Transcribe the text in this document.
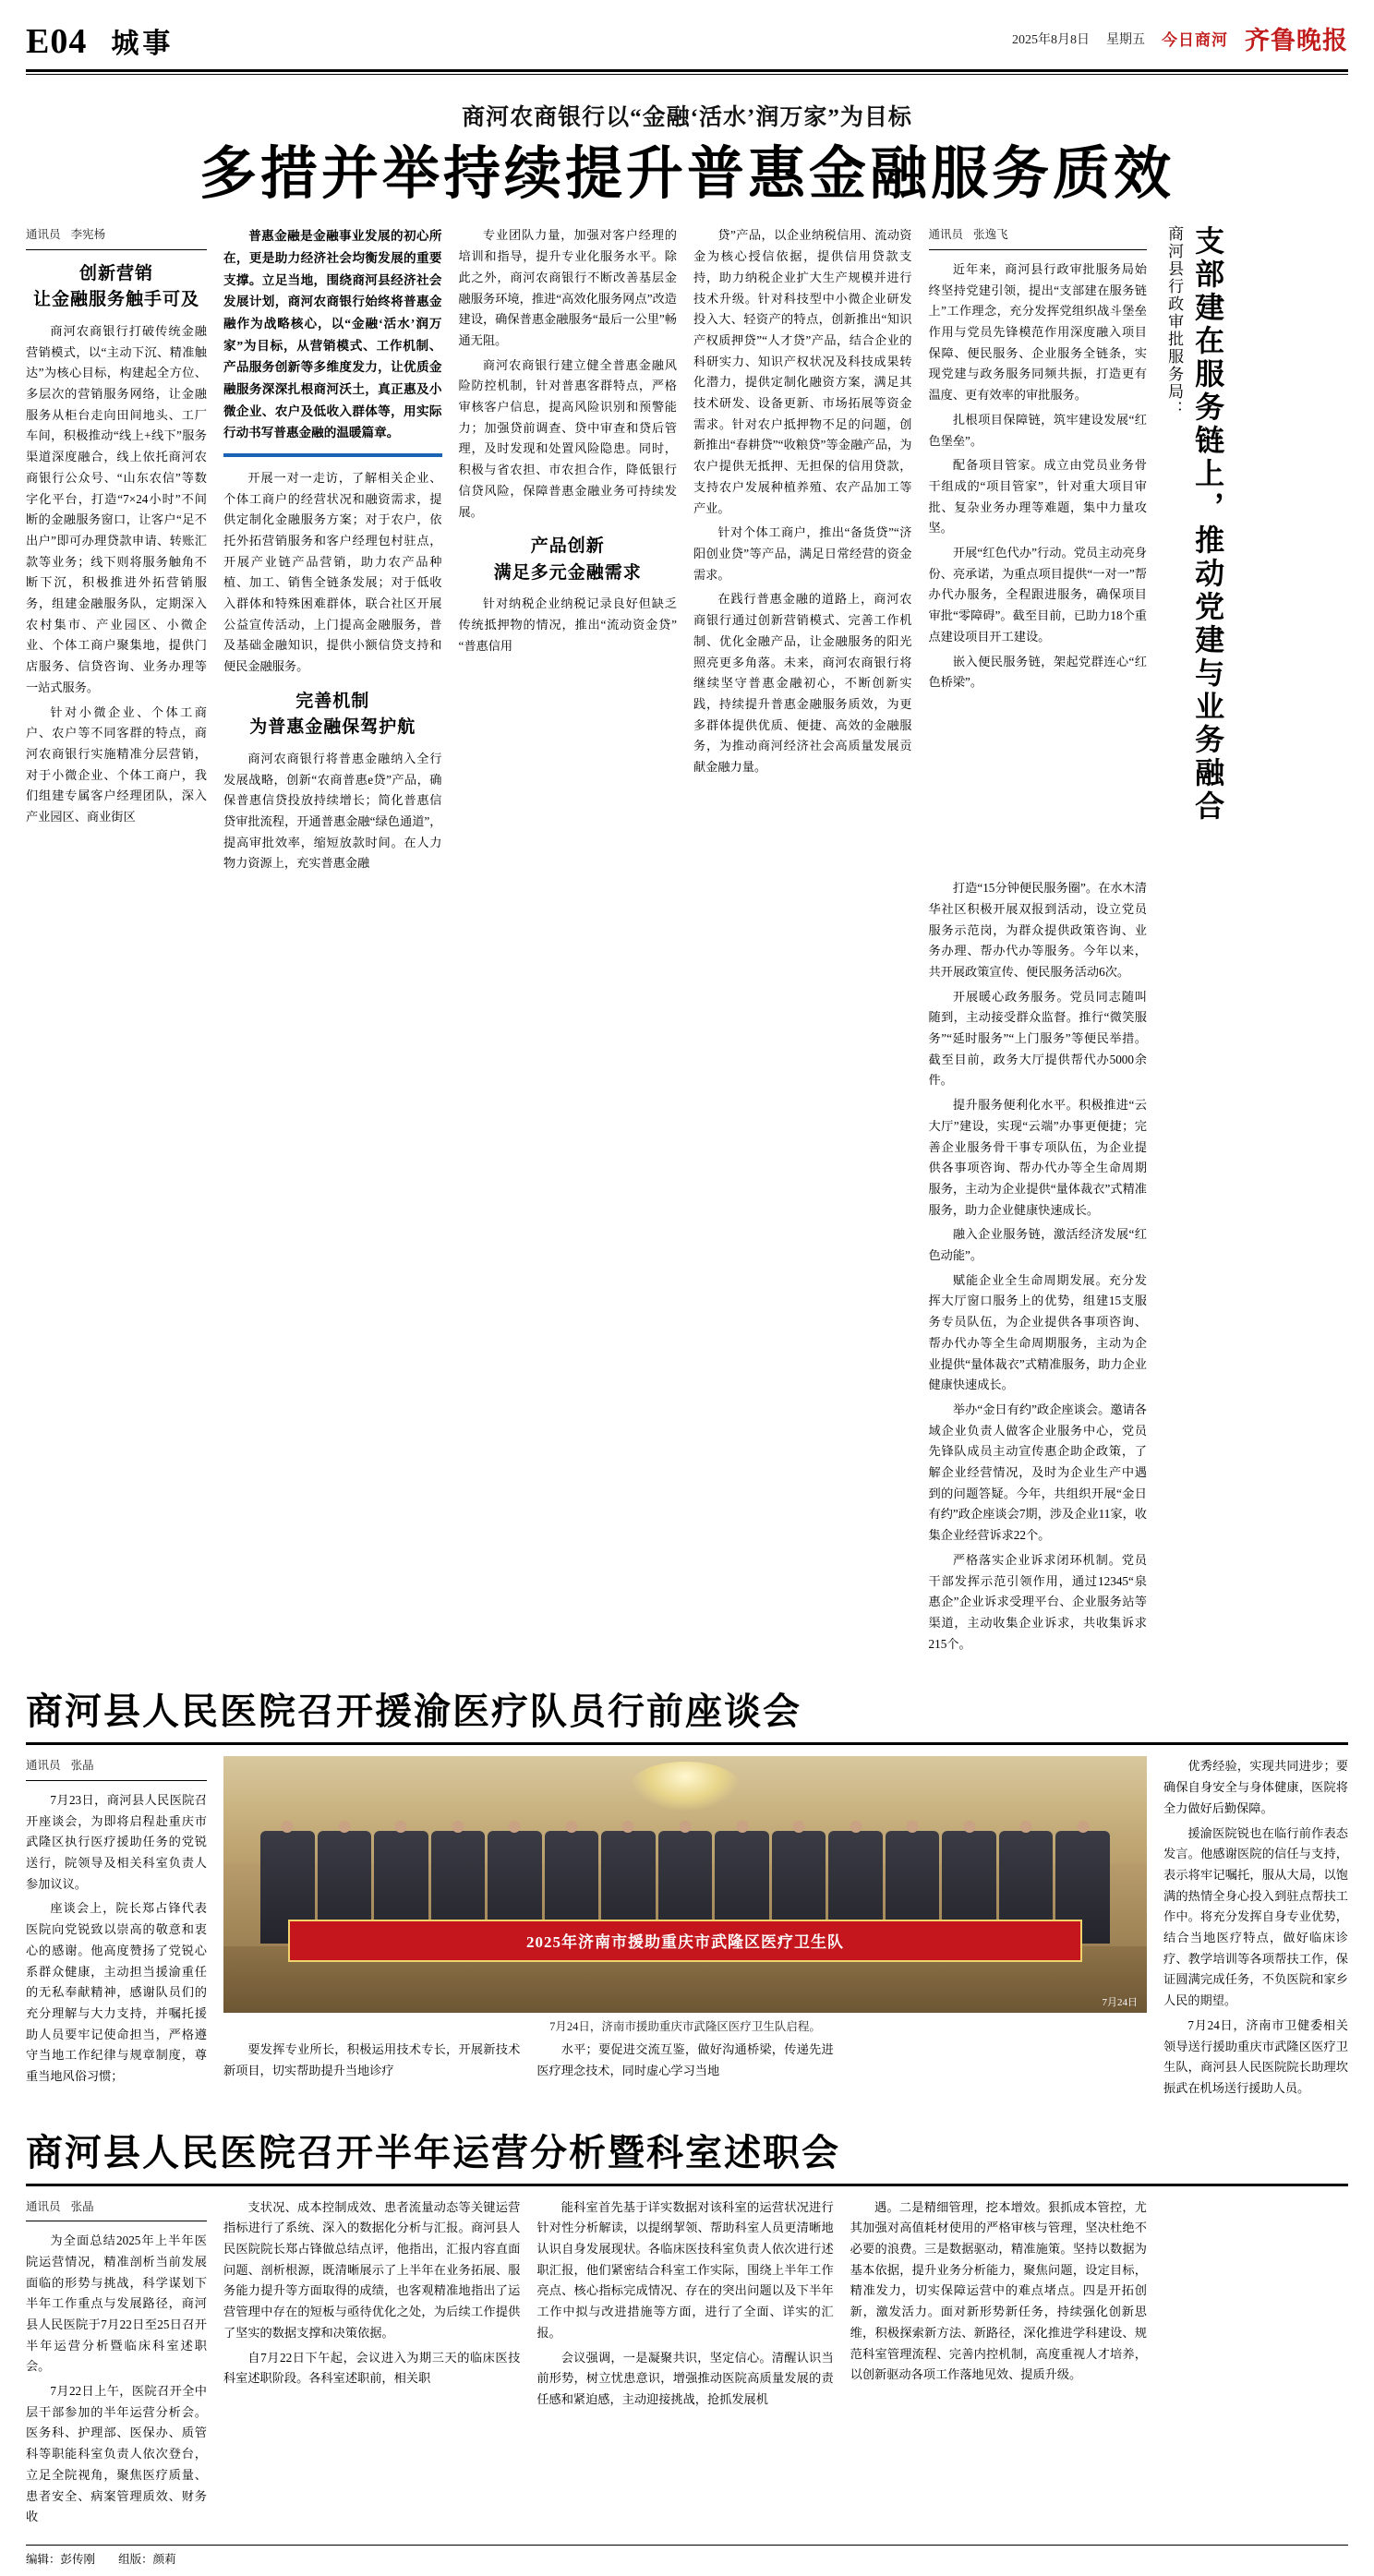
E04 城事	2025年8月8日 星期五 今日商河 齐鲁晚报
商河农商银行以“金融‘活水’润万家”为目标
多措并举持续提升普惠金融服务质效
通讯员 李宪杨
创新营销
让金融服务触手可及

商河农商银行打破传统金融营销模式，以“主动下沉、精准触达”为核心目标，构建起全方位、多层次的营销服务网络，让金融服务从柜台走向田间地头、工厂车间，积极推动“线上+线下”服务渠道深度融合，线上依托商河农商银行公众号、“山东农信”等数字化平台，打造“7×24小时”不间断的金融服务窗口，让客户“足不出户”即可办理贷款申请、转账汇款等业务；线下则将服务触角不断下沉，积极推进外拓营销服务，组建金融服务队，定期深入农村集市、产业园区、小微企业、个体工商户聚集地，提供门店服务、信贷咨询、业务办理等一站式服务。

针对小微企业、个体工商户、农户等不同客群的特点，商河农商银行实施精准分层营销，对于小微企业、个体工商户，我们组建专属客户经理团队，深入产业园区、商业街区

普惠金融是金融事业发展的初心所在，更是助力经济社会均衡发展的重要支撑。立足当地，围绕商河县经济社会发展计划，商河农商银行始终将普惠金融作为战略核心，以“金融‘活水’润万家”为目标，从营销模式、工作机制、产品服务创新等多维度发力，让优质金融服务深深扎根商河沃土，真正惠及小微企业、农户及低收入群体等，用实际行动书写普惠金融的温暖篇章。

开展一对一走访，了解相关企业、个体工商户的经营状况和融资需求，提供定制化金融服务方案；对于农户，依托外拓营销服务和客户经理包村驻点，开展产业链产品营销，助力农产品种植、加工、销售全链条发展；对于低收入群体和特殊困难群体，联合社区开展公益宣传活动，上门提高金融服务，普及基础金融知识，提供小额信贷支持和便民金融服务。

完善机制
为普惠金融保驾护航

商河农商银行将普惠金融纳入全行发展战略，创新“农商普惠e贷”产品，确保普惠信贷投放持续增长；简化普惠信贷审批流程，开通普惠金融“绿色通道”，提高审批效率，缩短放款时间。在人力物力资源上，充实普惠金融

专业团队力量，加强对客户经理的培训和指导，提升专业化服务水平。除此之外，商河农商银行不断改善基层金融服务环境，推进“高效化服务网点”改造建设，确保普惠金融服务“最后一公里”畅通无阻。

商河农商银行建立健全普惠金融风险防控机制，针对普惠客群特点，严格审核客户信息，提高风险识别和预警能力；加强贷前调查、贷中审查和贷后管理，及时发现和处置风险隐患。同时，积极与省农担、市农担合作，降低银行信贷风险，保障普惠金融业务可持续发展。

产品创新
满足多元金融需求

针对纳税企业纳税记录良好但缺乏传统抵押物的情况，推出“流动资金贷”“普惠信用

贷”产品，以企业纳税信用、流动资金为核心授信依据，提供信用贷款支持，助力纳税企业扩大生产规模并进行技术升级。针对科技型中小微企业研发投入大、轻资产的特点，创新推出“知识产权质押贷”“人才贷”产品，结合企业的科研实力、知识产权状况及科技成果转化潜力，提供定制化融资方案，满足其技术研发、设备更新、市场拓展等资金需求。针对农户抵押物不足的问题，创新推出“春耕贷”“收粮贷”等金融产品，为农户提供无抵押、无担保的信用贷款，支持农户发展种植养殖、农产品加工等产业。

针对个体工商户，推出“备货贷”“济阳创业贷”等产品，满足日常经营的资金需求。

在践行普惠金融的道路上，商河农商银行通过创新营销模式、完善工作机制、优化金融产品，让金融服务的阳光照亮更多角落。未来，商河农商银行将继续坚守普惠金融初心，不断创新实践，持续提升普惠金融服务质效，为更多群体提供优质、便捷、高效的金融服务，为推动商河经济社会高质量发展贡献金融力量。

通讯员 张逸飞

近年来，商河县行政审批服务局始终坚持党建引领，提出“支部建在服务链上”工作理念，充分发挥党组织战斗堡垒作用与党员先锋模范作用深度融入项目保障、便民服务、企业服务全链条，实现党建与政务服务同频共振，打造更有温度、更有效率的审批服务。

扎根项目保障链，筑牢建设发展“红色堡垒”。

配备项目管家。成立由党员业务骨干组成的“项目管家”，针对重大项目审批、复杂业务办理等难题，集中力量攻坚。

开展“红色代办”行动。党员主动亮身份、亮承诺，为重点项目提供“一对一”帮办代办服务，全程跟进服务，确保项目审批“零障碍”。截至目前，已助力18个重点建设项目开工建设。

嵌入便民服务链，架起党群连心“红色桥梁”。	支部建在服务链上，推动党建与业务融合
商河县行政审批服务局：

打造“15分钟便民服务圈”。在水木清华社区积极开展双报到活动，设立党员服务示范岗，为群众提供政策咨询、业务办理、帮办代办等服务。今年以来，共开展政策宣传、便民服务活动6次。

开展暖心政务服务。党员同志随叫随到，主动接受群众监督。推行“微笑服务”“延时服务”“上门服务”等便民举措。截至目前，政务大厅提供帮代办5000余件。

提升服务便利化水平。积极推进“云大厅”建设，实现“云端”办事更便捷；完善企业服务骨干事专项队伍，为企业提供各事项咨询、帮办代办等全生命周期服务，主动为企业提供“量体裁衣”式精准服务，助力企业健康快速成长。

融入企业服务链，激活经济发展“红色动能”。

赋能企业全生命周期发展。充分发挥大厅窗口服务上的优势，组建15支服务专员队伍，为企业提供各事项咨询、帮办代办等全生命周期服务，主动为企业提供“量体裁衣”式精准服务，助力企业健康快速成长。

举办“金日有约”政企座谈会。邀请各域企业负责人做客企业服务中心，党员先锋队成员主动宣传惠企助企政策，了解企业经营情况，及时为企业生产中遇到的问题答疑。今年，共组织开展“金日有约”政企座谈会7期，涉及企业11家，收集企业经营诉求22个。

严格落实企业诉求闭环机制。党员干部发挥示范引领作用，通过12345“泉惠企”企业诉求受理平台、企业服务站等渠道，主动收集企业诉求，共收集诉求215个。

商河县人民医院召开援渝医疗队员行前座谈会
通讯员 张晶

7月23日，商河县人民医院召开座谈会，为即将启程赴重庆市武隆区执行医疗援助任务的党锐送行，院领导及相关科室负责人参加议议。

座谈会上，院长郑占锋代表医院向党锐致以崇高的敬意和衷心的感谢。他高度赞扬了党锐心系群众健康，主动担当援渝重任的无私奉献精神，感谢队员们的充分理解与大力支持，并嘱托援助人员要牢记使命担当，严格遵守当地工作纪律与规章制度，尊重当地风俗习惯；

2025年济南市援助重庆市武隆区医疗卫生队
7月24日
7月24日，济南市援助重庆市武隆区医疗卫生队启程。

要发挥专业所长，积极运用技术专长，开展新技术新项目，切实帮助提升当地诊疗

水平；要促进交流互鉴，做好沟通桥梁，传递先进医疗理念技术，同时虚心学习当地

优秀经验，实现共同进步；要确保自身安全与身体健康，医院将全力做好后勤保障。

援渝医院锐也在临行前作表态发言。他感谢医院的信任与支持，表示将牢记嘱托，服从大局，以饱满的热情全身心投入到驻点帮扶工作中。将充分发挥自身专业优势，结合当地医疗特点，做好临床诊疗、教学培训等各项帮扶工作，保证圆满完成任务，不负医院和家乡人民的期望。

7月24日，济南市卫健委相关领导送行援助重庆市武隆区医疗卫生队，商河县人民医院院长助理坎振武在机场送行援助人员。

商河县人民医院召开半年运营分析暨科室述职会
通讯员 张晶

为全面总结2025年上半年医院运营情况，精准剖析当前发展面临的形势与挑战，科学谋划下半年工作重点与发展路径，商河县人民医院于7月22日至25日召开半年运营分析暨临床科室述职会。

7月22日上午，医院召开全中层干部参加的半年运营分析会。医务科、护理部、医保办、质管科等职能科室负责人依次登台，立足全院视角，聚焦医疗质量、患者安全、病案管理质效、财务收

支状况、成本控制成效、患者流量动态等关键运营指标进行了系统、深入的数据化分析与汇报。商河县人民医院院长郑占锋做总结点评，他指出，汇报内容直面问题、剖析根源，既清晰展示了上半年在业务拓展、服务能力提升等方面取得的成绩，也客观精准地指出了运营管理中存在的短板与亟待优化之处，为后续工作提供了坚实的数据支撑和决策依据。

自7月22日下午起，会议进入为期三天的临床医技科室述职阶段。各科室述职前，相关职

能科室首先基于详实数据对该科室的运营状况进行针对性分析解读，以提纲挈领、帮助科室人员更清晰地认识自身发展现状。各临床医技科室负责人依次进行述职汇报，他们紧密结合科室工作实际，围绕上半年工作亮点、核心指标完成情况、存在的突出问题以及下半年工作中拟与改进措施等方面，进行了全面、详实的汇报。

会议强调，一是凝聚共识，坚定信心。清醒认识当前形势，树立忧患意识，增强推动医院高质量发展的责任感和紧迫感，主动迎接挑战，抢抓发展机

遇。二是精细管理，挖本增效。狠抓成本管控，尤其加强对高值耗材使用的严格审核与管理，坚决杜绝不必要的浪费。三是数据驱动，精准施策。坚持以数据为基本依据，提升业务分析能力，聚焦问题，设定目标，精准发力，切实保障运营中的难点堵点。四是开拓创新，激发活力。面对新形势新任务，持续强化创新思维，积极探索新方法、新路径，深化推进学科建设、规范科室管理流程、完善内控机制，高度重视人才培养，以创新驱动各项工作落地见效、提质升级。

编辑：彭传刚 组版：颜莉
